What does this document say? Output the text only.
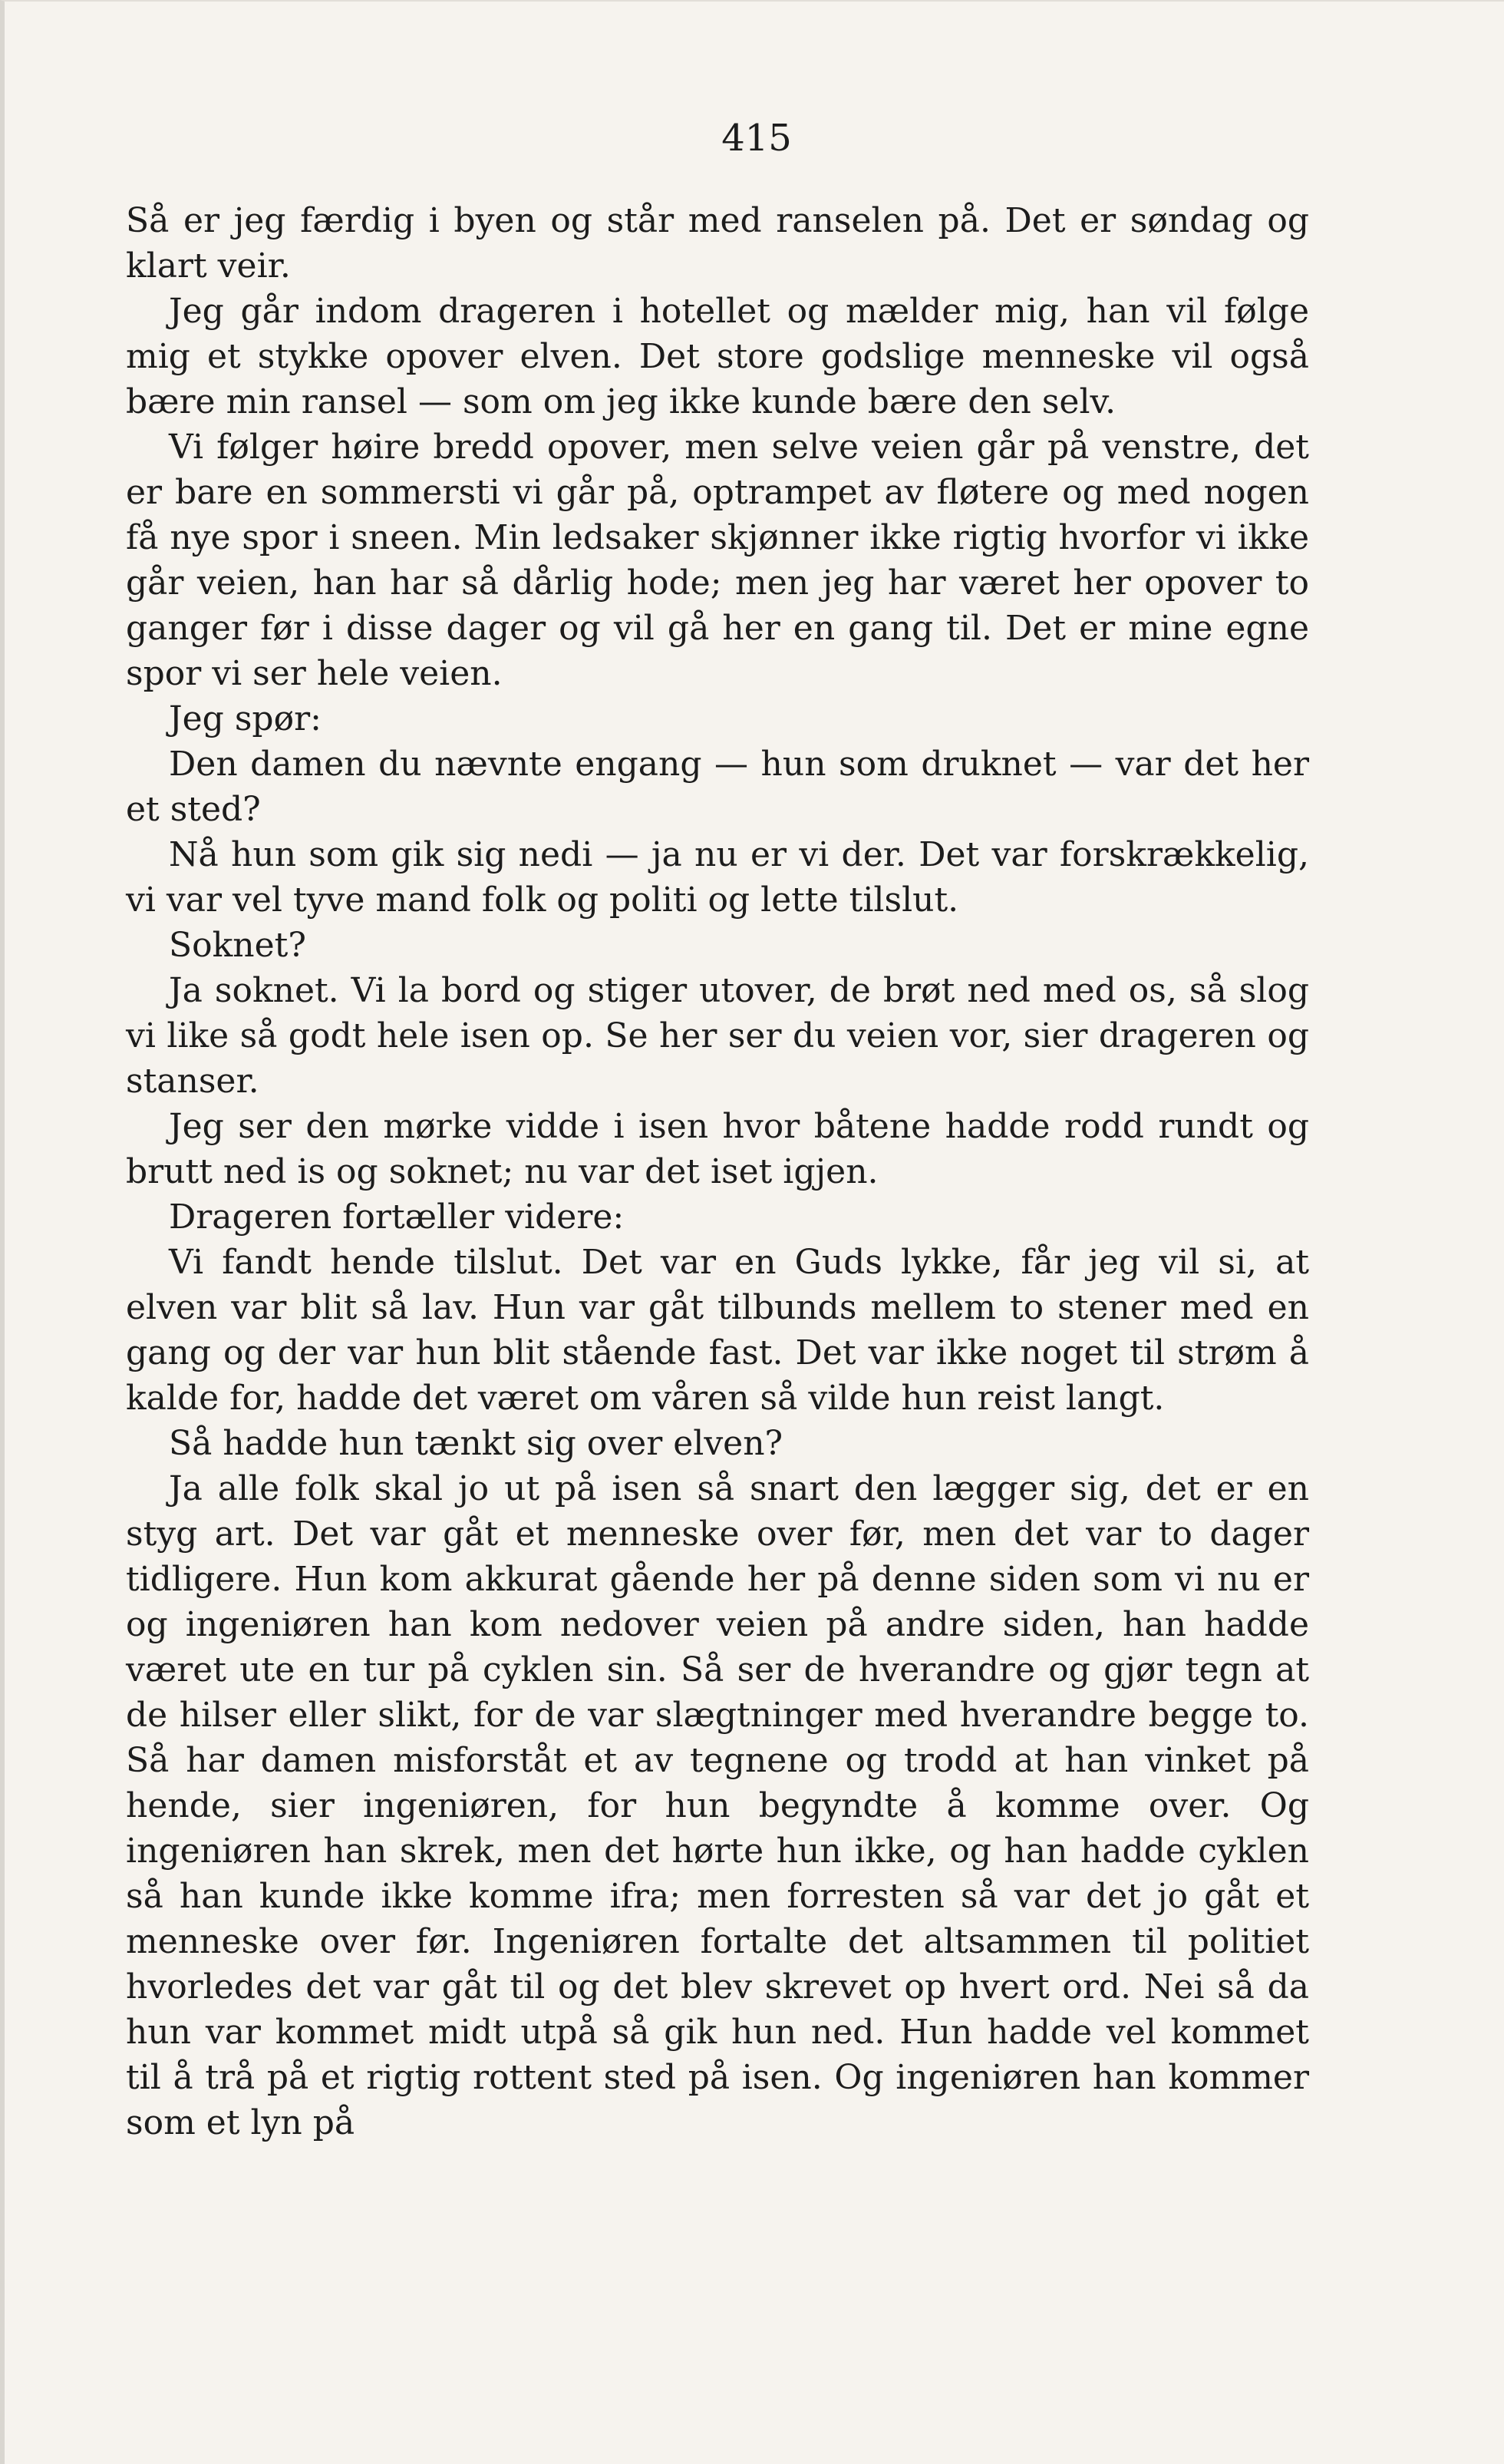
415

Så er jeg færdig i byen og står med ranselen på. Det er søndag og klart veir.

Jeg går indom drageren i hotellet og mælder mig, han vil følge mig et stykke opover elven. Det store godslige menneske vil også bære min ransel — som om jeg ikke kunde bære den selv.

Vi følger høire bredd opover, men selve veien går på venstre, det er bare en sommersti vi går på, optrampet av fløtere og med nogen få nye spor i sneen. Min ledsaker skjønner ikke rigtig hvorfor vi ikke går veien, han har så dårlig hode; men jeg har været her opover to ganger før i disse dager og vil gå her en gang til. Det er mine egne spor vi ser hele veien.

Jeg spør:

Den damen du nævnte engang — hun som druknet — var det her et sted?

Nå hun som gik sig nedi — ja nu er vi der. Det var forskrækkelig, vi var vel tyve mand folk og politi og lette tilslut.

Soknet?

Ja soknet. Vi la bord og stiger utover, de brøt ned med os, så slog vi like så godt hele isen op. Se her ser du veien vor, sier drageren og stanser.

Jeg ser den mørke vidde i isen hvor båtene hadde rodd rundt og brutt ned is og soknet; nu var det iset igjen.

Drageren fortæller videre:

Vi fandt hende tilslut. Det var en Guds lykke, får jeg vil si, at elven var blit så lav. Hun var gåt tilbunds mellem to stener med en gang og der var hun blit stående fast. Det var ikke noget til strøm å kalde for, hadde det været om våren så vilde hun reist langt.

Så hadde hun tænkt sig over elven?

Ja alle folk skal jo ut på isen så snart den lægger sig, det er en styg art. Det var gåt et menneske over før, men det var to dager tidligere. Hun kom akkurat gående her på denne siden som vi nu er og ingeniøren han kom nedover veien på andre siden, han hadde været ute en tur på cyklen sin. Så ser de hverandre og gjør tegn at de hilser eller slikt, for de var slægtninger med hverandre begge to. Så har damen misforståt et av tegnene og trodd at han vinket på hende, sier ingeniøren, for hun begyndte å komme over. Og ingeniøren han skrek, men det hørte hun ikke, og han hadde cyklen så han kunde ikke komme ifra; men forresten så var det jo gåt et menneske over før. Ingeniøren fortalte det altsammen til politiet hvorledes det var gåt til og det blev skrevet op hvert ord. Nei så da hun var kommet midt utpå så gik hun ned. Hun hadde vel kommet til å trå på et rigtig rottent sted på isen. Og ingeniøren han kommer som et lyn på
